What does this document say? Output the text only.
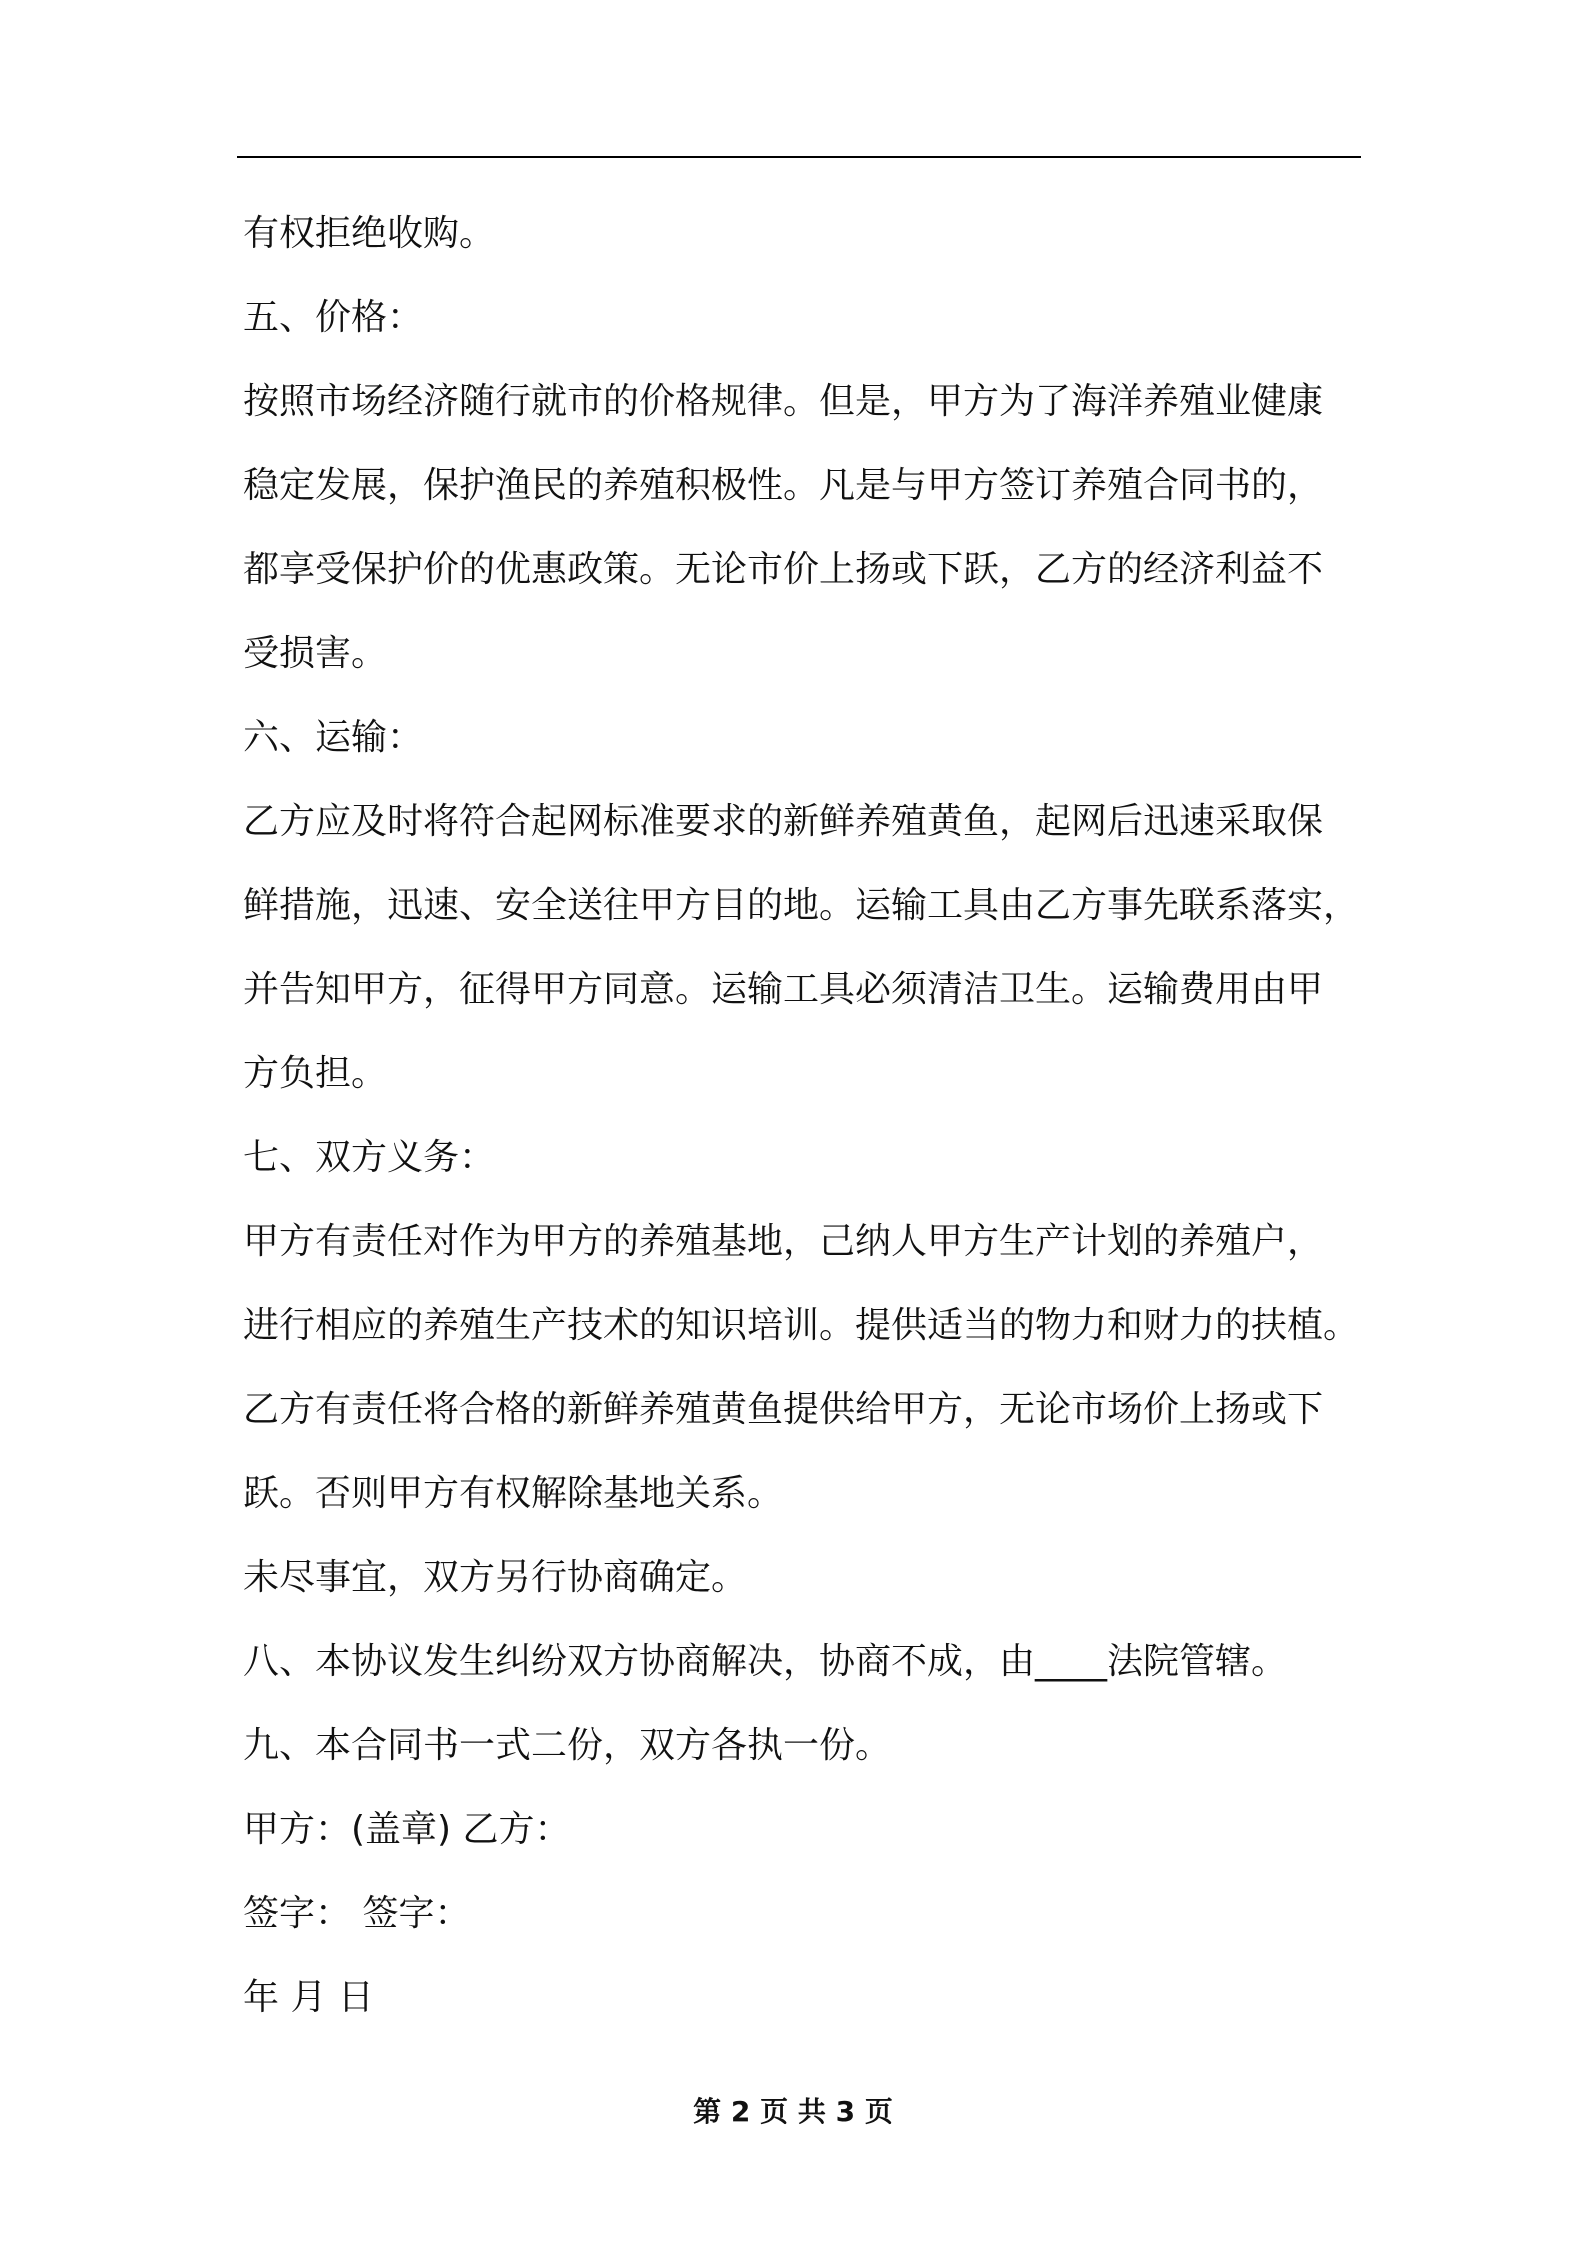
有权拒绝收购。
五、价格：
按照市场经济随行就市的价格规律。但是，甲方为了海洋养殖业健康
稳定发展，保护渔民的养殖积极性。凡是与甲方签订养殖合同书的，
都享受保护价的优惠政策。无论市价上扬或下跃，乙方的经济利益不
受损害。
六、运输：
乙方应及时将符合起网标准要求的新鲜养殖黄鱼，起网后迅速采取保
鲜措施，迅速、安全送往甲方目的地。运输工具由乙方事先联系落实，
并告知甲方，征得甲方同意。运输工具必须清洁卫生。运输费用由甲
方负担。
七、双方义务：
甲方有责任对作为甲方的养殖基地，己纳人甲方生产计划的养殖户，
进行相应的养殖生产技术的知识培训。提供适当的物力和财力的扶植。
乙方有责任将合格的新鲜养殖黄鱼提供给甲方，无论市场价上扬或下
跃。否则甲方有权解除基地关系。
未尽事宜，双方另行协商确定。
八、本协议发生纠纷双方协商解决，协商不成，由____法院管辖。
九、本合同书一式二份，双方各执一份。
甲方：(盖章) 乙方：
签字： 签字：
年 月 日
第 2 页 共 3 页
